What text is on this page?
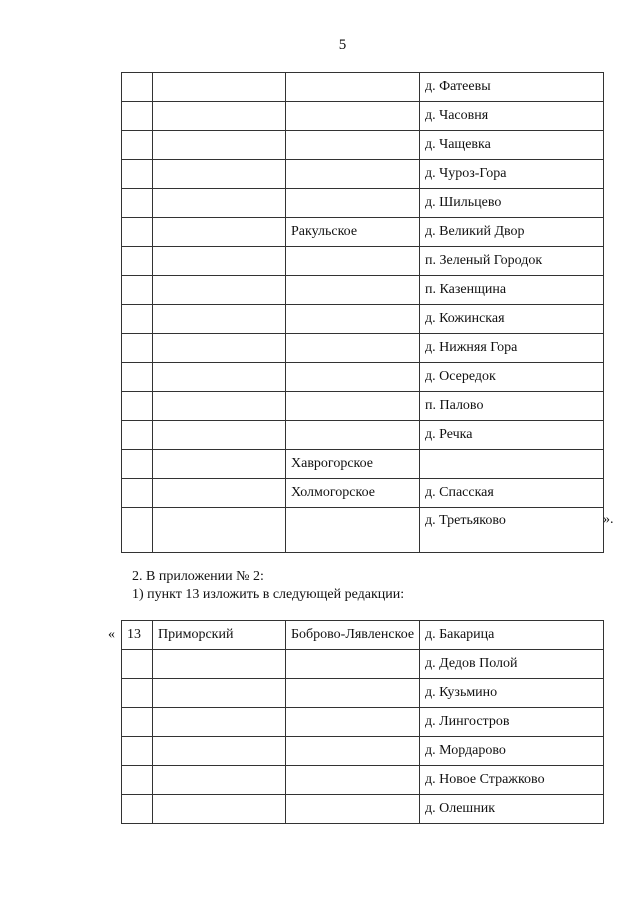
5
			д. Фатеевы
			д. Часовня
			д. Чащевка
			д. Чуроз-Гора
			д. Шильцево
		Ракульское	д. Великий Двор
			п. Зеленый Городок
			п. Казенщина
			д. Кожинская
			д. Нижняя Гора
			д. Осередок
			п. Палово
			д. Речка
		Хаврогорское	
		Холмогорское	д. Спасская
			д. Третьяково	».
2. В приложении № 2:
1) пункт 13 изложить в следующей редакции:
« 13	Приморский	Боброво-Лявленское	д. Бакарица
			д. Дедов Полой
			д. Кузьмино
			д. Лингостров
			д. Мордарово
			д. Новое Стражково
			д. Олешник
